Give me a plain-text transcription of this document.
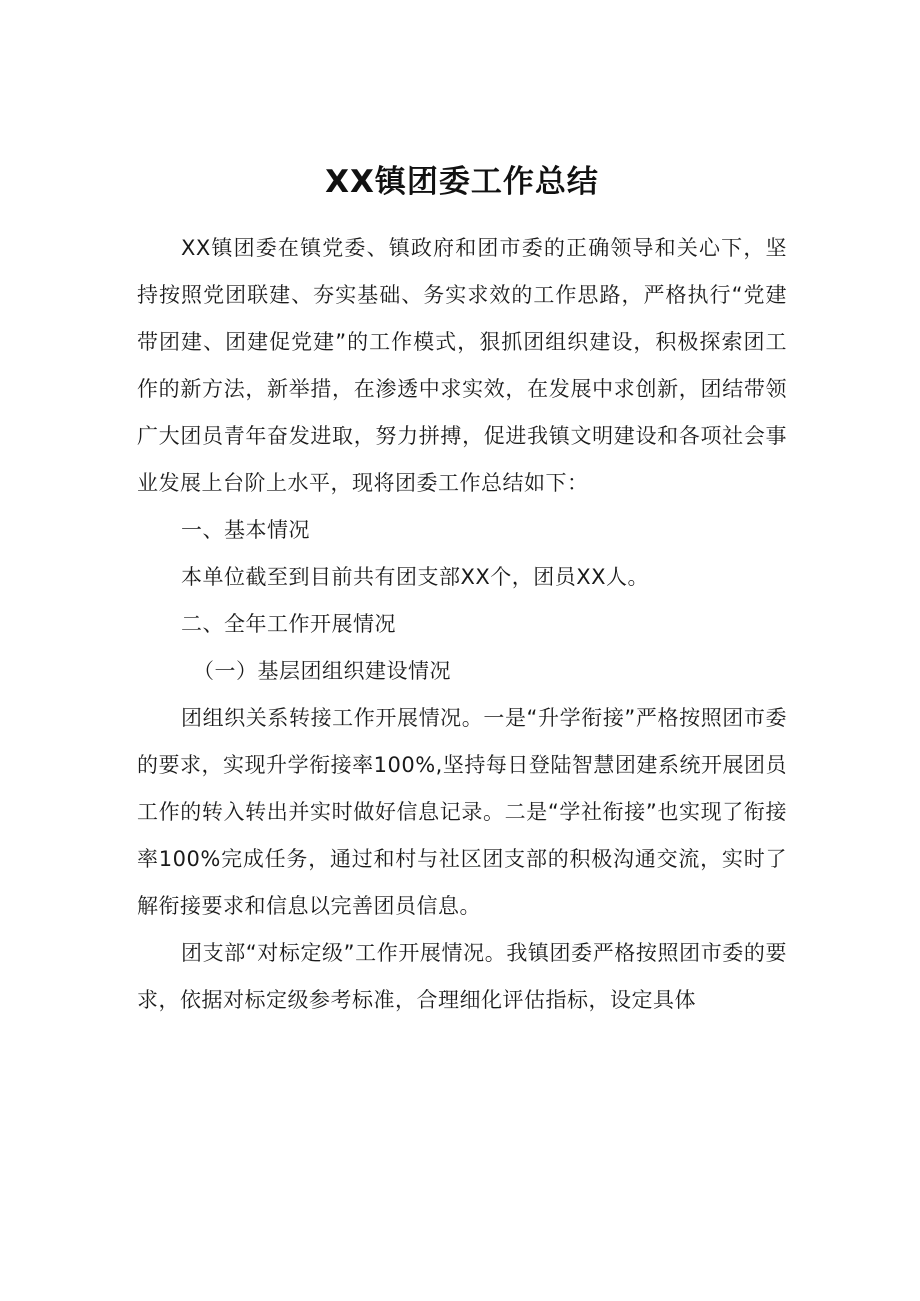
XX镇团委工作总结

XX镇团委在镇党委、镇政府和团市委的正确领导和关心下，坚持按照党团联建、夯实基础、务实求效的工作思路，严格执行“党建带团建、团建促党建”的工作模式，狠抓团组织建设，积极探索团工作的新方法，新举措，在渗透中求实效，在发展中求创新，团结带领广大团员青年奋发进取，努力拼搏，促进我镇文明建设和各项社会事业发展上台阶上水平，现将团委工作总结如下：

一、基本情况

本单位截至到目前共有团支部XX个，团员XX人。

二、全年工作开展情况

（一）基层团组织建设情况

团组织关系转接工作开展情况。一是“升学衔接”严格按照团市委的要求，实现升学衔接率100%,坚持每日登陆智慧团建系统开展团员工作的转入转出并实时做好信息记录。二是“学社衔接”也实现了衔接率100%完成任务，通过和村与社区团支部的积极沟通交流，实时了解衔接要求和信息以完善团员信息。

团支部“对标定级”工作开展情况。我镇团委严格按照团市委的要求，依据对标定级参考标准，合理细化评估指标，设定具体
